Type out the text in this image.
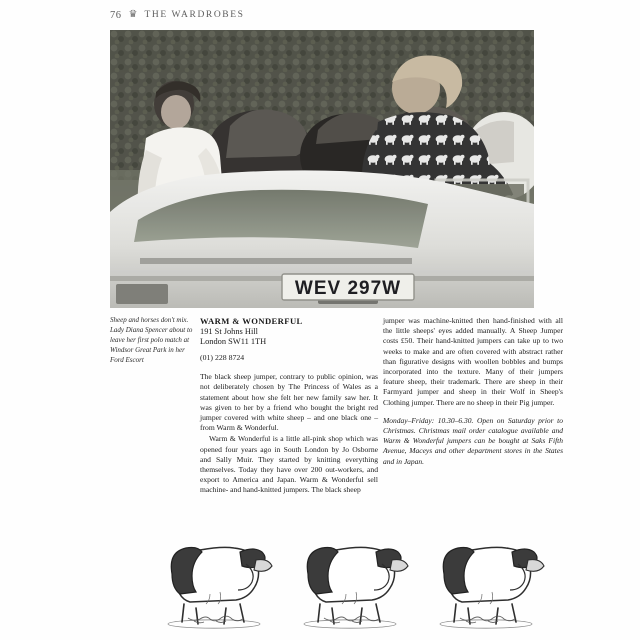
76 ♛ THE WARDROBES
WEV 297W
Sheep and horses don't mix. Lady Diana Spencer about to leave her first polo match at Windsor Great Park in her Ford Escort
WARM & WONDERFUL
191 St Johns Hill
London SW11 1TH
(01) 228 8724

The black sheep jumper, contrary to public opinion, was not deliberately chosen by The Princess of Wales as a statement about how she felt her new family saw her. It was given to her by a friend who bought the bright red jumper covered with white sheep – and one black one – from Warm & Wonderful.

Warm & Wonderful is a little all-pink shop which was opened four years ago in South London by Jo Osborne and Sally Muir. They started by knitting everything themselves. Today they have over 200 out-workers, and export to America and Japan. Warm & Wonderful sell machine- and hand-knitted jumpers. The black sheep

jumper was machine-knitted then hand-finished with all the little sheeps' eyes added manually. A Sheep Jumper costs £50. Their hand-knitted jumpers can take up to two weeks to make and are often covered with abstract rather than figurative designs with woollen bobbles and bumps incorporated into the texture. Many of their jumpers feature sheep, their trademark. There are sheep in their Farmyard jumper and sheep in their Wolf in Sheep's Clothing jumper. There are no sheep in their Pig jumper.

Monday–Friday: 10.30–6.30. Open on Saturday prior to Christmas. Christmas mail order catalogue available and Warm & Wonderful jumpers can be bought at Saks Fifth Avenue, Maceys and other department stores in the States and in Japan.
